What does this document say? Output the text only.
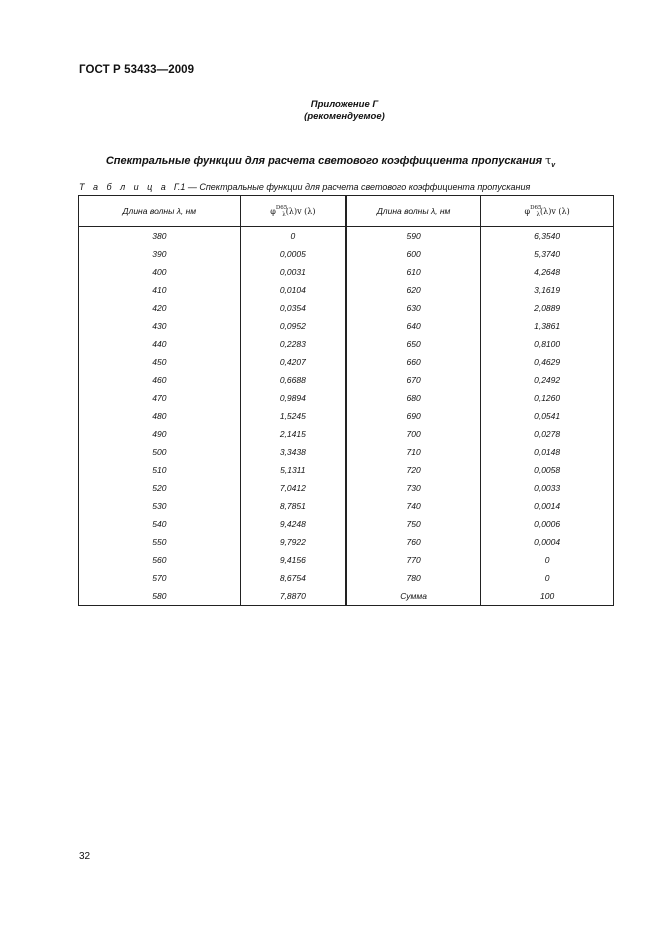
ГОСТ Р 53433—2009
Приложение Г
(рекомендуемое)
Спектральные функции для расчета светового коэффициента пропускания $\tau_v$
Т а б л и ц а Г.1 — Спектральные функции для расчета светового коэффициента пропускания
Длина волны λ, нм	$\varphi^{D65}_\lambda(\lambda)v$ (λ)	Длина волны λ, нм	$\varphi^{D65}_\lambda(\lambda)v$ (λ)
380	0	590	6,3540
390	0,0005	600	5,3740
400	0,0031	610	4,2648
410	0,0104	620	3,1619
420	0,0354	630	2,0889
430	0,0952	640	1,3861
440	0,2283	650	0,8100
450	0,4207	660	0,4629
460	0,6688	670	0,2492
470	0,9894	680	0,1260
480	1,5245	690	0,0541
490	2,1415	700	0,0278
500	3,3438	710	0,0148
510	5,1311	720	0,0058
520	7,0412	730	0,0033
530	8,7851	740	0,0014
540	9,4248	750	0,0006
550	9,7922	760	0,0004
560	9,4156	770	0
570	8,6754	780	0
580	7,8870	Сумма	100
32
